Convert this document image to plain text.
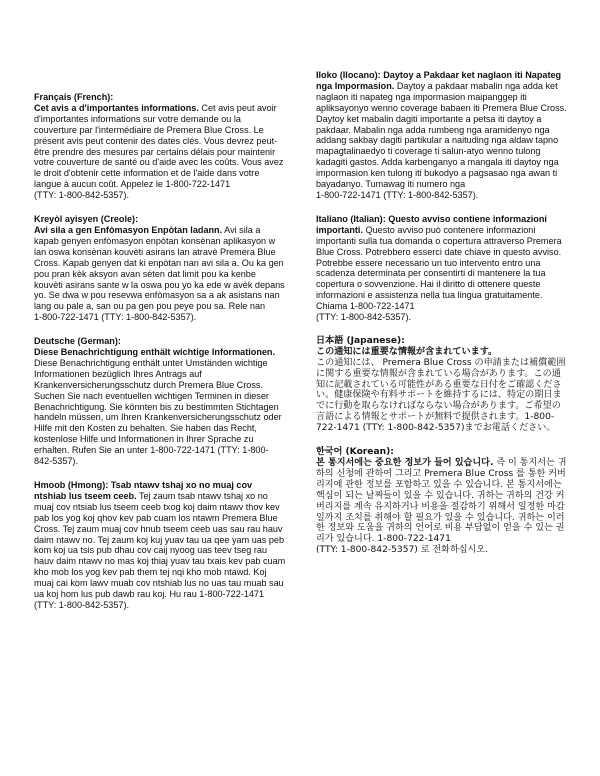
Français (French):
Cet avis a d'importantes informations. Cet avis peut avoir d'importantes informations sur votre demande ou la couverture par l'intermédiaire de Premera Blue Cross. Le présent avis peut contenir des dates clés. Vous devrez peut-être prendre des mesures par certains délais pour maintenir votre couverture de santé ou d'aide avec les coûts. Vous avez le droit d'obtenir cette information et de l'aide dans votre langue à aucun coût. Appelez le 1-800-722-1471
(TTY: 1-800-842-5357).
Kreyòl ayisyen (Creole):
Avi sila a gen Enfòmasyon Enpòtan ladann. Avi sila a kapab genyen enfòmasyon enpòtan konsènan aplikasyon w lan oswa konsènan kouvèti asirans lan atravè Premera Blue Cross. Kapab genyen dat ki enpòtan nan avi sila a. Ou ka gen pou pran kèk aksyon avan sèten dat limit pou ka kenbe kouvèti asirans sante w la oswa pou yo ka ede w avèk depans yo. Se dwa w pou resevwa enfòmasyon sa a ak asistans nan lang ou pale a, san ou pa gen pou peye pou sa. Rele nan
1-800-722-1471 (TTY: 1-800-842-5357).
Deutsche (German):
Diese Benachrichtigung enthält wichtige Informationen. Diese Benachrichtigung enthält unter Umständen wichtige Informationen bezüglich Ihres Antrags auf Krankenversicherungsschutz durch Premera Blue Cross. Suchen Sie nach eventuellen wichtigen Terminen in dieser Benachrichtigung. Sie könnten bis zu bestimmten Stichtagen handeln müssen, um Ihren Krankenversicherungsschutz oder Hilfe mit den Kosten zu behalten. Sie haben das Recht, kostenlose Hilfe und Informationen in Ihrer Sprache zu erhalten. Rufen Sie an unter 1-800-722-1471 (TTY: 1-800-842-5357).
Hmoob (Hmong): Tsab ntawv tshaj xo no muaj cov ntshiab lus tseem ceeb. Tej zaum tsab ntawv tshaj xo no muaj cov ntsiab lus tseem ceeb txog koj daim ntawv thov kev pab los yog koj qhov kev pab cuam los ntawm Premera Blue Cross. Tej zaum muaj cov hnub tseem ceeb uas sau rau hauv daim ntawv no. Tej zaum koj kuj yuav tau ua qee yam uas peb kom koj ua tsis pub dhau cov caij nyoog uas teev tseg rau hauv daim ntawv no mas koj thiaj yuav tau txais kev pab cuam kho mob los yog kev pab them tej nqi kho mob ntawd. Koj muaj cai kom lawv muab cov ntshiab lus no uas tau muab sau ua koj hom lus pub dawb rau koj. Hu rau 1-800-722-1471
(TTY: 1-800-842-5357).
Iloko (Ilocano): Daytoy a Pakdaar ket naglaon iti Napateg nga Impormasion. Daytoy a pakdaar mabalin nga adda ket naglaon iti napateg nga impormasion maipanggep iti apliksayonyo wenno coverage babaen iti Premera Blue Cross. Daytoy ket mabalin dagiti importante a petsa iti daytoy a pakdaar. Mabalin nga adda rumbeng nga aramidenyo nga addang sakbay dagiti partikular a naituding nga aldaw tapno mapagtalinaedyo ti coverage ti salun-atyo wenno tulong kadagiti gastos. Adda karbenganyo a mangala iti daytoy nga impormasion ken tulong iti bukodyo a pagsasao nga awan ti bayadanyo. Tumawag iti numero nga
1-800-722-1471 (TTY: 1-800-842-5357).
Italiano (Italian): Questo avviso contiene informazioni importanti. Questo avviso può contenere informazioni importanti sulla tua domanda o copertura attraverso Premera Blue Cross. Potrebbero esserci date chiave in questo avviso. Potrebbe essere necessario un tuo intervento entro una scadenza determinata per consentirti di mantenere la tua copertura o sovvenzione. Hai il diritto di ottenere queste informazioni e assistenza nella tua lingua gratuitamente. Chiama 1-800-722-1471
(TTY: 1-800-842-5357).
日本語 (Japanese):
この通知には重要な情報が含まれています。
この通知には、 Premera Blue Cross の申請または補償範囲に関する重要な情報が含まれている場合があります。この通知に記載されている可能性がある重要な日付をご確認ください。健康保険や有料サポートを維持するには、特定の期日までに行動を取らなければならない場合があります。ご希望の言語による情報とサポートが無料で提供されます。1-800-722-1471 (TTY: 1-800-842-5357)までお電話ください。
한국어 (Korean):
본 통지서에는 중요한 정보가 들어 있습니다. 즉 이 통지서는 귀하의 신청에 관하여 그리고 Premera Blue Cross 를 통한 커버리지에 관한 정보를 포함하고 있을 수 있습니다. 본 통지서에는 핵심이 되는 날짜들이 있을 수 있습니다. 귀하는 귀하의 건강 커버리지를 계속 유지하거나 비용을 절감하기 위해서 일정한 마감일까지 조치를 취해야 할 필요가 있을 수 있습니다. 귀하는 이러한 정보와 도움을 귀하의 언어로 비용 부담없이 얻을 수 있는 권리가 있습니다. 1-800-722-1471
(TTY: 1-800-842-5357) 로 전화하십시오.
